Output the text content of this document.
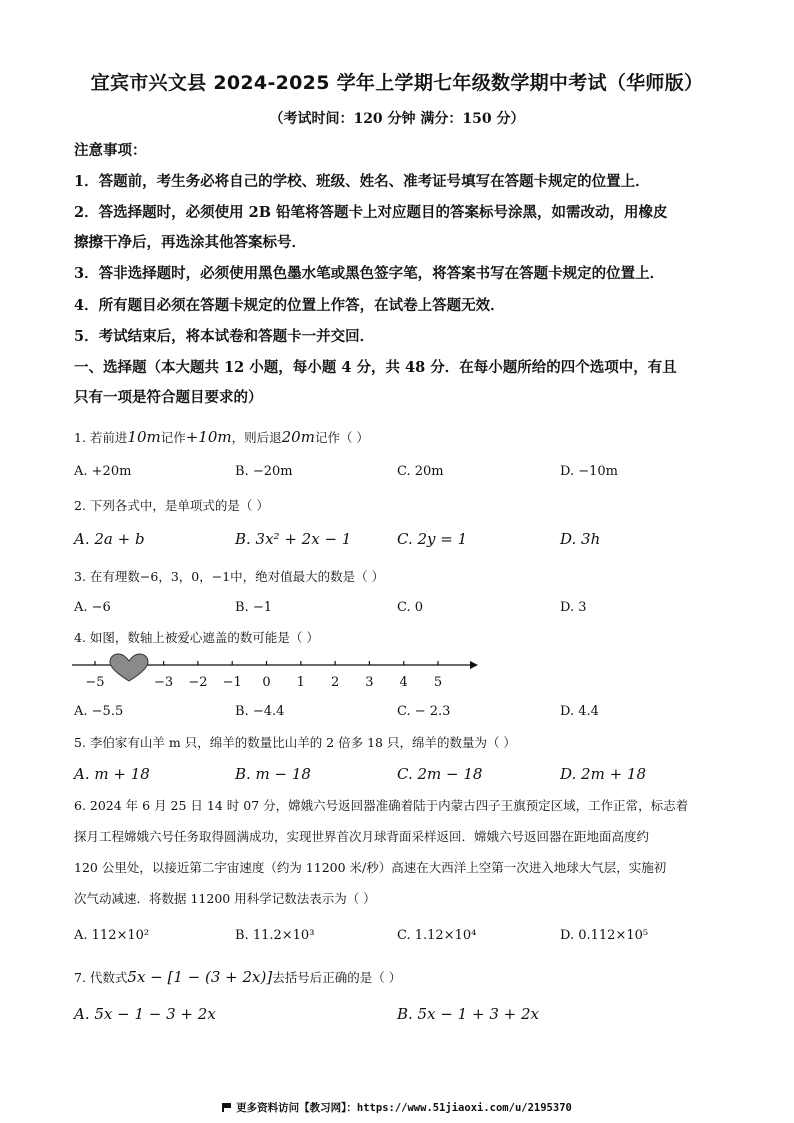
宜宾市兴文县 2024-2025 学年上学期七年级数学期中考试（华师版）
（考试时间：120 分钟 满分：150 分）
注意事项：
1．答题前，考生务必将自己的学校、班级、姓名、准考证号填写在答题卡规定的位置上．
2．答选择题时，必须使用 2B 铅笔将答题卡上对应题目的答案标号涂黑，如需改动，用橡皮
擦擦干净后，再选涂其他答案标号．
3．答非选择题时，必须使用黑色墨水笔或黑色签字笔，将答案书写在答题卡规定的位置上．
4．所有题目必须在答题卡规定的位置上作答，在试卷上答题无效．
5．考试结束后，将本试卷和答题卡一并交回．
一、选择题（本大题共 12 小题，每小题 4 分，共 48 分．在每小题所给的四个选项中，有且
只有一项是符合题目要求的）
1. 若前进10m记作+10m，则后退20m记作（ ）
A. +20m	B. −20m	C. 20m	D. −10m
2. 下列各式中，是单项式的是（ ）
A. 2a + b	B. 3x² + 2x − 1	C. 2y = 1	D. 3h
3. 在有理数−6，3，0，−1中，绝对值最大的数是（ ）
A. −6	B. −1	C. 0	D. 3
4. 如图，数轴上被爱心遮盖的数可能是（ ）
−5	−3 −2 −1 0 1 2 3 4 5
A. −5.5	B. −4.4	C. − 2.3	D. 4.4
5. 李伯家有山羊 m 只，绵羊的数量比山羊的 2 倍多 18 只，绵羊的数量为（ ）
A. m + 18	B. m − 18	C. 2m − 18	D. 2m + 18
6. 2024 年 6 月 25 日 14 时 07 分，嫦娥六号返回器准确着陆于内蒙古四子王旗预定区域，工作正常，标志着
探月工程嫦娥六号任务取得圆满成功，实现世界首次月球背面采样返回．嫦娥六号返回器在距地面高度约
120 公里处，以接近第二宇宙速度（约为 11200 米/秒）高速在大西洋上空第一次进入地球大气层，实施初
次气动减速．将数据 11200 用科学记数法表示为（ ）
A. 112×10²	B. 11.2×10³	C. 1.12×10⁴	D. 0.112×10⁵
7. 代数式5x − [1 − (3 + 2x)]去括号后正确的是（ ）
A. 5x − 1 − 3 + 2x	B. 5x − 1 + 3 + 2x
更多资料访问【教习网】：https://www.51jiaoxi.com/u/2195370
